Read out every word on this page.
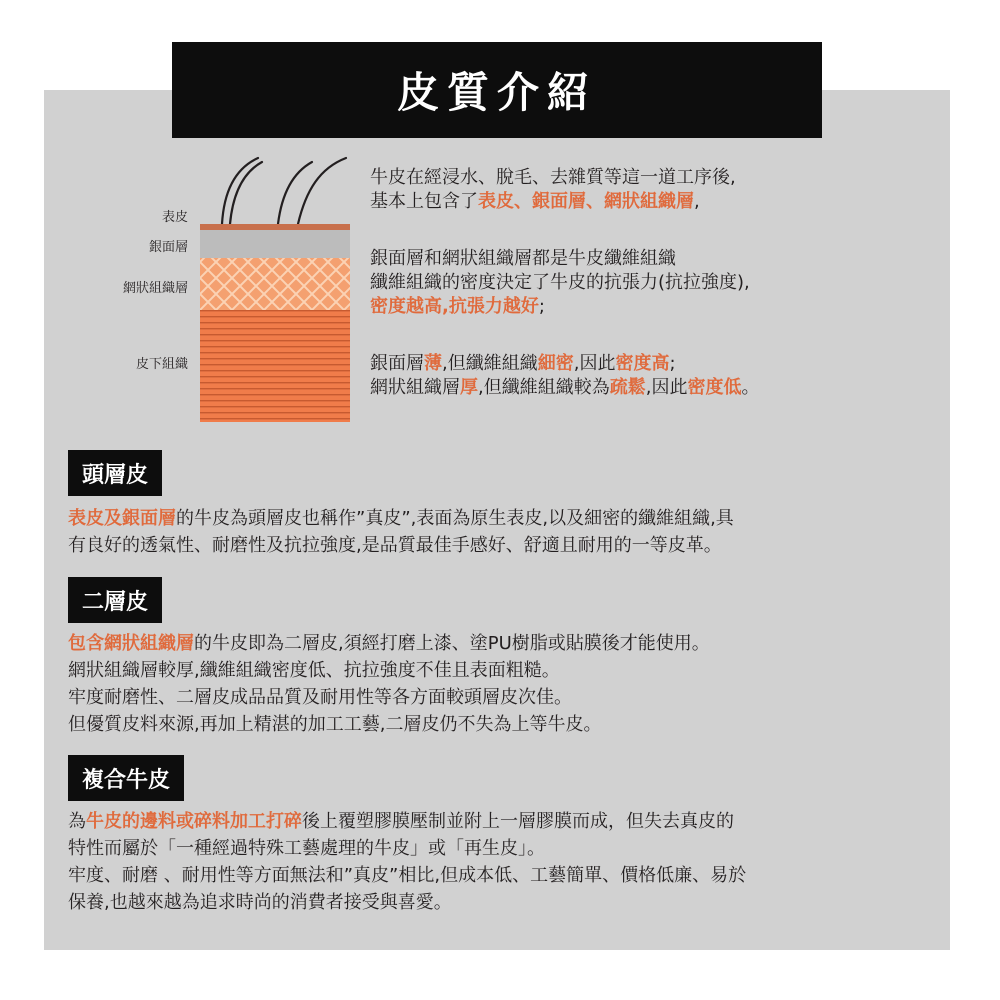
皮質介紹
表皮
銀面層
網狀組織層
皮下組織

牛皮在經浸水、脫毛、去雜質等這一道工序後,

基本上包含了表皮、銀面層、網狀組織層,

銀面層和網狀組織層都是牛皮纖維組織

纖維組織的密度決定了牛皮的抗張力(抗拉強度),

密度越高,抗張力越好;

銀面層薄,但纖維組織細密,因此密度高;

網狀組織層厚,但纖維組織較為疏鬆,因此密度低。

頭層皮

表皮及銀面層的牛皮為頭層皮也稱作”真皮”,表面為原生表皮,以及細密的纖維組織,具

有良好的透氣性、耐磨性及抗拉強度,是品質最佳手感好、舒適且耐用的一等皮革。

二層皮

包含網狀組織層的牛皮即為二層皮,須經打磨上漆、塗PU樹脂或貼膜後才能使用。

網狀組織層較厚,纖維組織密度低、抗拉強度不佳且表面粗糙。

牢度耐磨性、二層皮成品品質及耐用性等各方面較頭層皮次佳。

但優質皮料來源,再加上精湛的加工工藝,二層皮仍不失為上等牛皮。

複合牛皮

為牛皮的邊料或碎料加工打碎後上覆塑膠膜壓制並附上一層膠膜而成，但失去真皮的

特性而屬於「一種經過特殊工藝處理的牛皮」或「再生皮」。

牢度、耐磨 、耐用性等方面無法和”真皮”相比,但成本低、工藝簡單、價格低廉、易於

保養,也越來越為追求時尚的消費者接受與喜愛。
